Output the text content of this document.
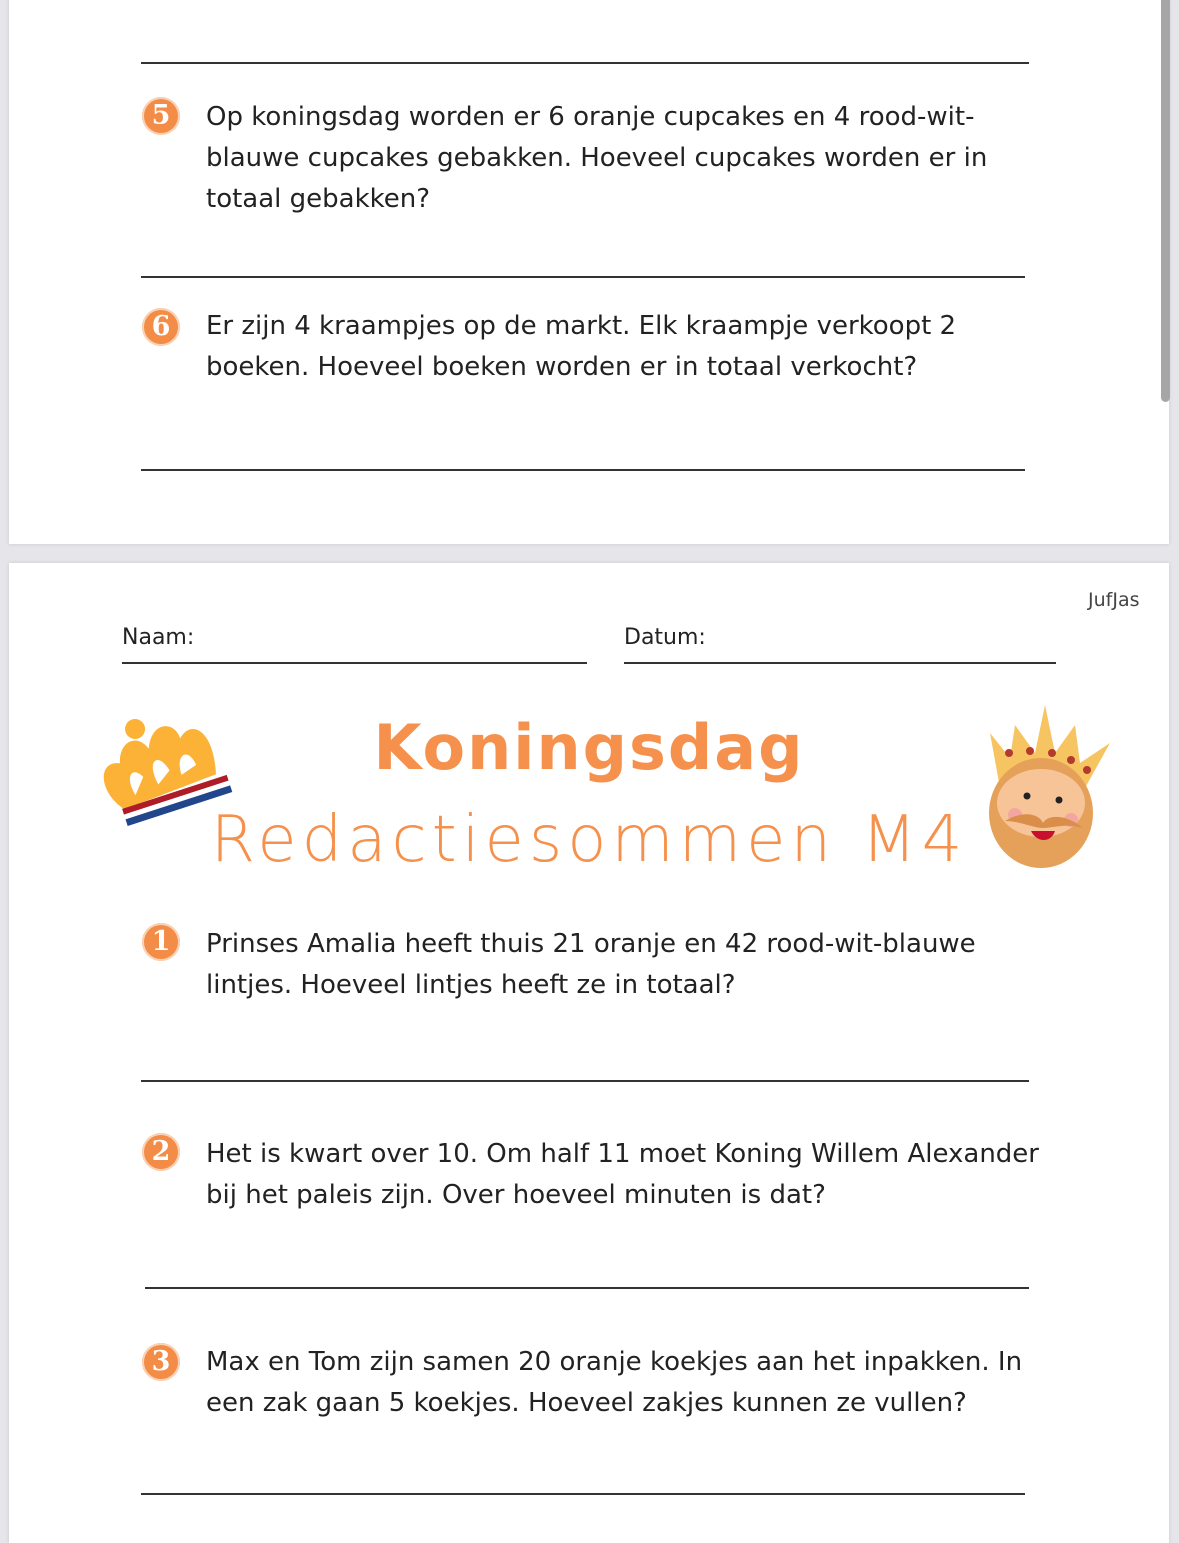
5	Op koningsdag worden er 6 oranje cupcakes en 4 rood-wit-blauwe cupcakes gebakken. Hoeveel cupcakes worden er in totaal gebakken?
6	Er zijn 4 kraampjes op de markt. Elk kraampje verkoopt 2 boeken. Hoeveel boeken worden er in totaal verkocht?
JufJas
Naam:	Datum:
Koningsdag
Redactiesommen M4
1	Prinses Amalia heeft thuis 21 oranje en 42 rood-wit-blauwe lintjes. Hoeveel lintjes heeft ze in totaal?
2	Het is kwart over 10. Om half 11 moet Koning Willem Alexander bij het paleis zijn. Over hoeveel minuten is dat?
3	Max en Tom zijn samen 20 oranje koekjes aan het inpakken. In een zak gaan 5 koekjes. Hoeveel zakjes kunnen ze vullen?
